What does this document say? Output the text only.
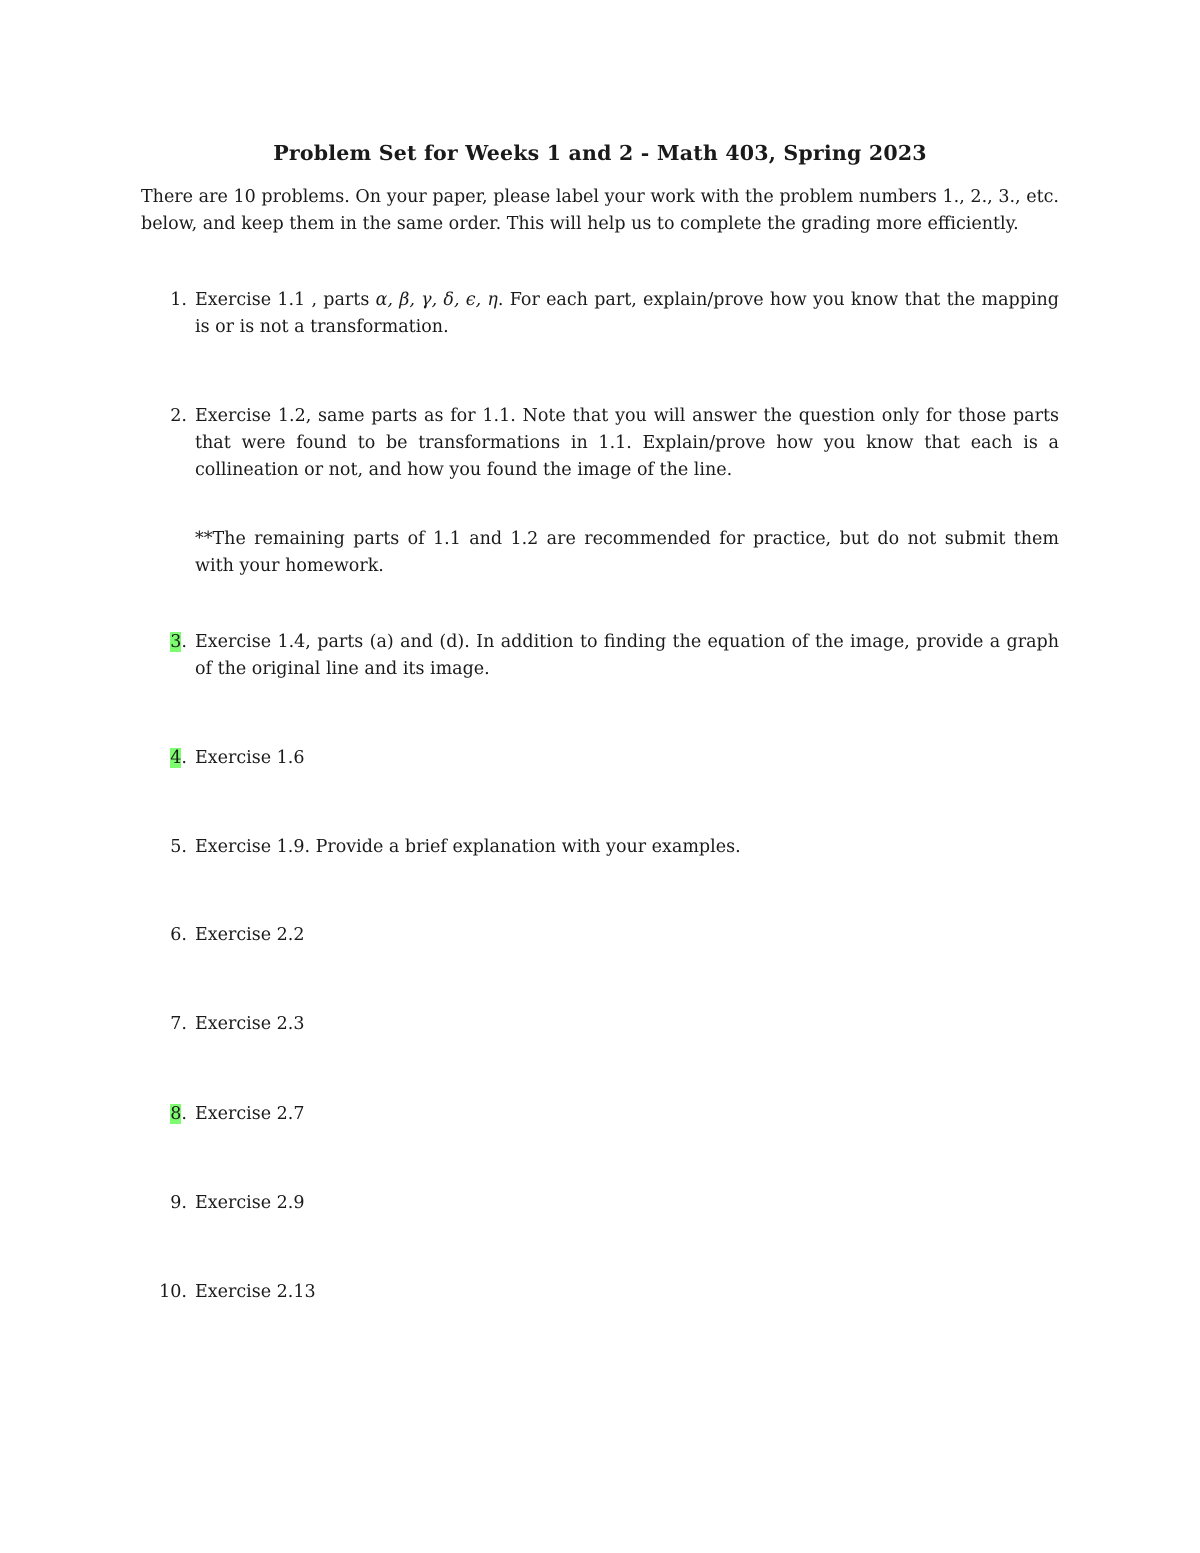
Problem Set for Weeks 1 and 2 - Math 403, Spring 2023
There are 10 problems. On your paper, please label your work with the problem numbers 1., 2., 3., etc. below, and keep them in the same order. This will help us to complete the grading more efficiently.
1. Exercise 1.1 , parts α, β, γ, δ, ϵ, η. For each part, explain/prove how you know that the mapping is or is not a transformation.
2. Exercise 1.2, same parts as for 1.1. Note that you will answer the question only for those parts that were found to be transformations in 1.1. Explain/prove how you know that each is a collineation or not, and how you found the image of the line.
**The remaining parts of 1.1 and 1.2 are recommended for practice, but do not submit them with your homework.
3. Exercise 1.4, parts (a) and (d). In addition to finding the equation of the image, provide a graph of the original line and its image.
4. Exercise 1.6
5. Exercise 1.9. Provide a brief explanation with your examples.
6. Exercise 2.2
7. Exercise 2.3
8. Exercise 2.7
9. Exercise 2.9
10. Exercise 2.13
